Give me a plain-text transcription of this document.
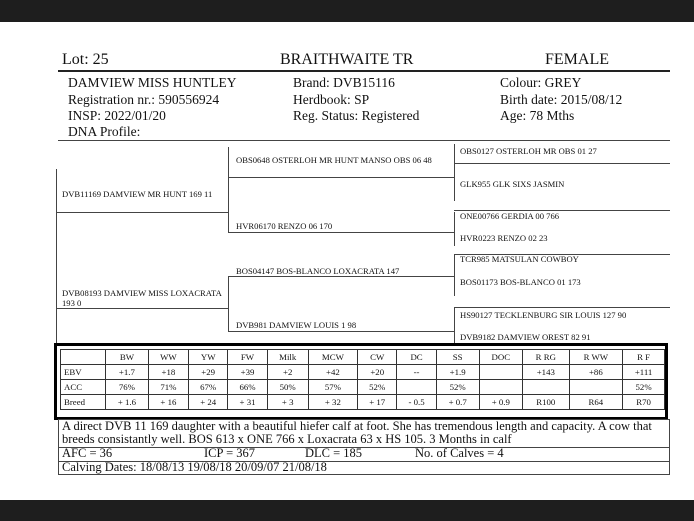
Lot: 25	BRAITHWAITE TR	FEMALE
DAMVIEW MISS HUNTLEY
Registration nr.: 590556924
INSP: 2022/01/20
DNA Profile:
Brand: DVB15116
Herdbook: SP
Reg. Status: Registered
Colour: GREY
Birth date: 2015/08/12
Age: 78 Mths
DVB11169 DAMVIEW MR HUNT 169 11
DVB08193 DAMVIEW MISS LOXACRATA 193 0
OBS0648 OSTERLOH MR HUNT MANSO OBS 06 48
HVR06170 RENZO 06 170
BOS04147 BOS-BLANCO LOXACRATA 147
DVB981 DAMVIEW LOUIS 1 98
OBS0127 OSTERLOH MR OBS 01 27
GLK955 GLK SIXS JASMIN
ONE00766 GERDIA 00 766
HVR0223 RENZO 02 23
TCR985 MATSULAN COWBOY
BOS01173 BOS-BLANCO 01 173
HS90127 TECKLENBURG SIR LOUIS 127 90
DVB9182 DAMVIEW OREST 82 91
	BW	WW	YW	FW	Milk	MCW	CW	DC	SS	DOC	R RG	R WW	R F
EBV	+1.7	+18	+29	+39	+2	+42	+20	--	+1.9		+143	+86	+111
ACC	76%	71%	67%	66%	50%	57%	52%		52%				52%
Breed	+ 1.6	+ 16	+ 24	+ 31	+ 3	+ 32	+ 17	- 0.5	+ 0.7	+ 0.9	R100	R64	R70
A direct DVB 11 169 daughter with a beautiful hiefer calf at foot. She has tremendous length and capacity. A cow that
breeds consistantly well. BOS 613 x ONE 766 x Loxacrata 63 x HS 105. 3 Months in calf
AFC = 36	ICP = 367	DLC = 185	No. of Calves = 4
Calving Dates: 18/08/13 19/08/18 20/09/07 21/08/18
